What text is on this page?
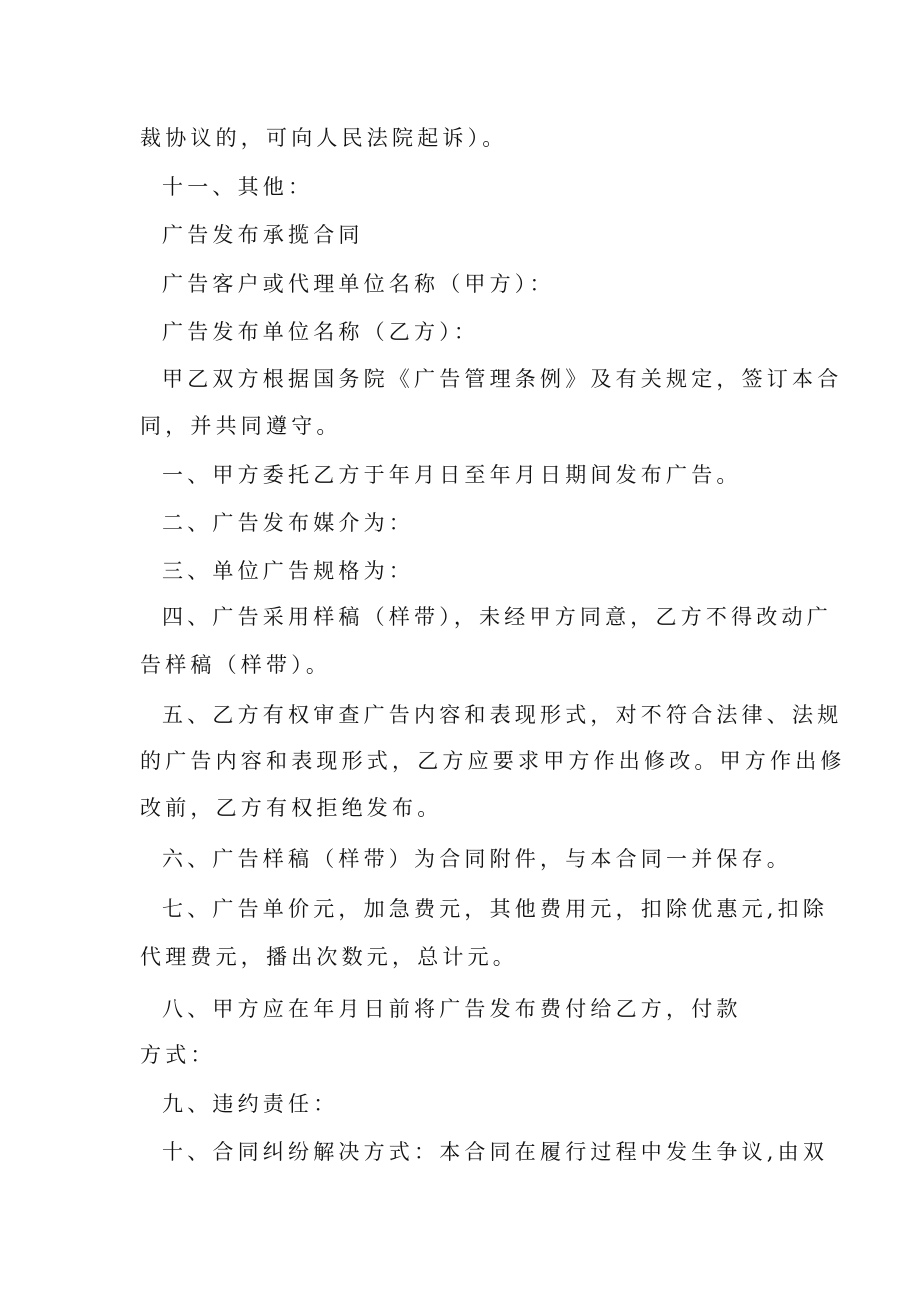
裁协议的，可向人民法院起诉）。
十一、其他：
广告发布承揽合同
广告客户或代理单位名称（甲方）：
广告发布单位名称（乙方）：
甲乙双方根据国务院《广告管理条例》及有关规定，签订本合
同，并共同遵守。
一、甲方委托乙方于年月日至年月日期间发布广告。
二、广告发布媒介为：
三、单位广告规格为：
四、广告采用样稿（样带），未经甲方同意，乙方不得改动广
告样稿（样带）。
五、乙方有权审查广告内容和表现形式，对不符合法律、法规
的广告内容和表现形式，乙方应要求甲方作出修改。甲方作出修
改前，乙方有权拒绝发布。
六、广告样稿（样带）为合同附件，与本合同一并保存。
七、广告单价元，加急费元，其他费用元，扣除优惠元,扣除
代理费元，播出次数元，总计元。
八、甲方应在年月日前将广告发布费付给乙方，付款
方式：
九、违约责任：
十、合同纠纷解决方式：本合同在履行过程中发生争议,由双
